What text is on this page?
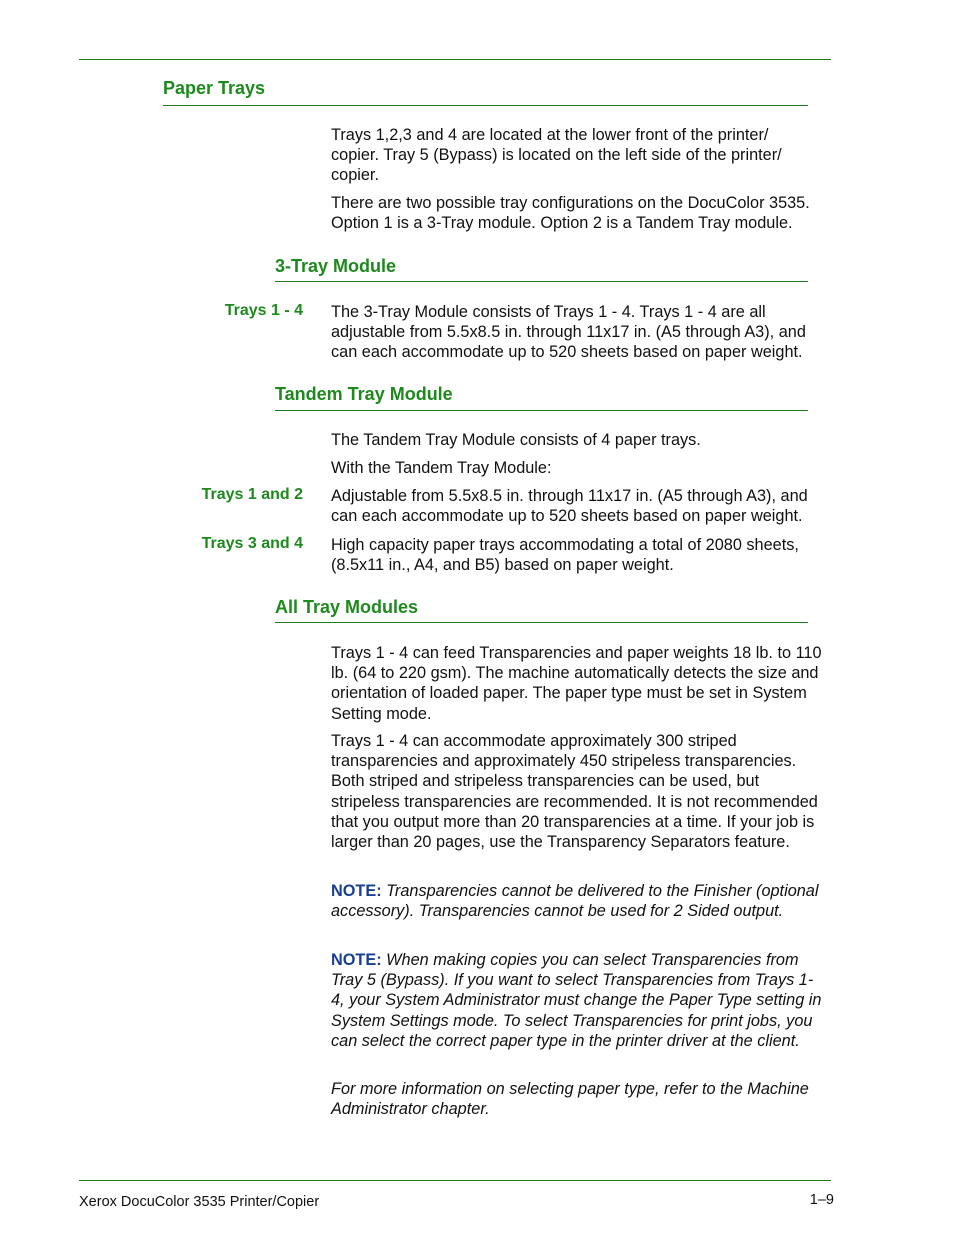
Paper Trays
Trays 1,2,3 and 4 are located at the lower front of the printer/ copier. Tray 5 (Bypass) is located on the left side of the printer/ copier.
There are two possible tray configurations on the DocuColor 3535. Option 1 is a 3-Tray module. Option 2 is a Tandem Tray module.
3-Tray Module
Trays 1 - 4 The 3-Tray Module consists of Trays 1 - 4. Trays 1 - 4 are all adjustable from 5.5x8.5 in. through 11x17 in. (A5 through A3), and can each accommodate up to 520 sheets based on paper weight.
Tandem Tray Module
The Tandem Tray Module consists of 4 paper trays.
With the Tandem Tray Module:
Trays 1 and 2 Adjustable from 5.5x8.5 in. through 11x17 in. (A5 through A3), and can each accommodate up to 520 sheets based on paper weight.
Trays 3 and 4 High capacity paper trays accommodating a total of 2080 sheets, (8.5x11 in., A4, and B5) based on paper weight.
All Tray Modules
Trays 1 - 4 can feed Transparencies and paper weights 18 lb. to 110 lb. (64 to 220 gsm). The machine automatically detects the size and orientation of loaded paper. The paper type must be set in System Setting mode.
Trays 1 - 4 can accommodate approximately 300 striped transparencies and approximately 450 stripeless transparencies. Both striped and stripeless transparencies can be used, but stripeless transparencies are recommended. It is not recommended that you output more than 20 transparencies at a time. If your job is larger than 20 pages, use the Transparency Separators feature.
NOTE: Transparencies cannot be delivered to the Finisher (optional accessory). Transparencies cannot be used for 2 Sided output.
NOTE: When making copies you can select Transparencies from Tray 5 (Bypass). If you want to select Transparencies from Trays 1-4, your System Administrator must change the Paper Type setting in System Settings mode. To select Transparencies for print jobs, you can select the correct paper type in the printer driver at the client.
For more information on selecting paper type, refer to the Machine Administrator chapter.
Xerox DocuColor 3535 Printer/Copier	1–9
